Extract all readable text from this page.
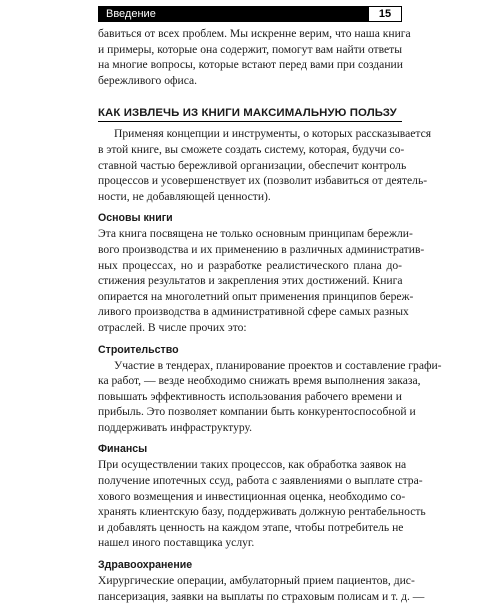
Введение	15

бавиться от всех проблем. Мы искренне верим, что наша книга
и примеры, которые она содержит, помогут вам найти ответы
на многие вопросы, которые встают перед вами при создании
бережливого офиса.

КАК ИЗВЛЕЧЬ ИЗ КНИГИ МАКСИМАЛЬНУЮ ПОЛЬЗУ

Применяя концепции и инструменты, о которых рассказывается
в этой книге, вы сможете создать систему, которая, будучи со-
ставной частью бережливой организации, обеспечит контроль
процессов и усовершенствует их (позволит избавиться от деятель-
ности, не добавляющей ценности).

Основы книги

Эта книга посвящена не только основным принципам бережли-
вого производства и их применению в различных административ-
ных процессах, но и разработке реалистического плана до-
стижения результатов и закрепления этих достижений. Книга
опирается на многолетний опыт применения принципов береж-
ливого производства в административной сфере самых разных
отраслей. В числе прочих это:

Строительство

Участие в тендерах, планирование проектов и составление графи-
ка работ, — везде необходимо снижать время выполнения заказа,
повышать эффективность использования рабочего времени и
прибыль. Это позволяет компании быть конкурентоспособной и
поддерживать инфраструктуру.

Финансы

При осуществлении таких процессов, как обработка заявок на
получение ипотечных ссуд, работа с заявлениями о выплате стра-
хового возмещения и инвестиционная оценка, необходимо со-
хранять клиентскую базу, поддерживать должную рентабельность
и добавлять ценность на каждом этапе, чтобы потребитель не
нашел иного поставщика услуг.

Здравоохранение

Хирургические операции, амбулаторный прием пациентов, дис-
пансеризация, заявки на выплаты по страховым полисам и т. д. —
